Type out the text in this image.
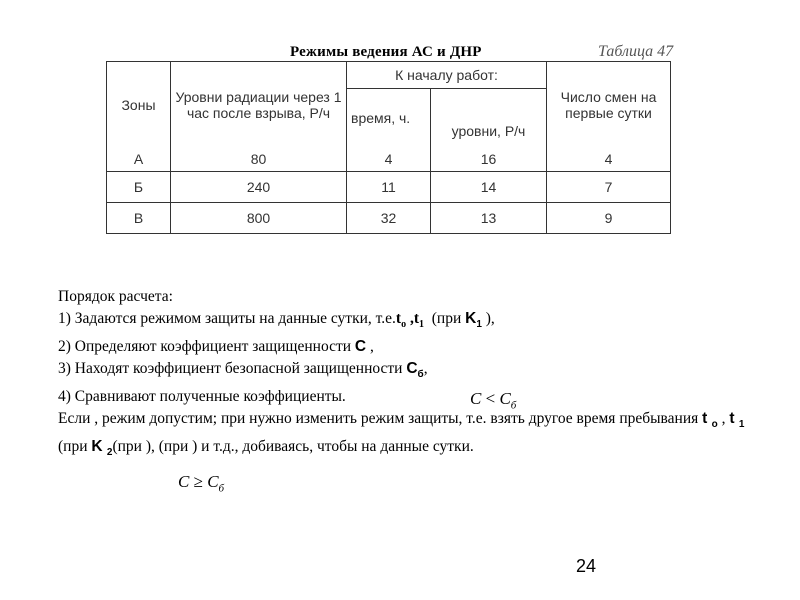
Режимы ведения АС и ДНР	Таблица 47
Зоны	Уровни радиации через 1 час после взрыва, Р/ч	К началу работ:		Число смен на первые сутки
		время, ч.	уровни, Р/ч	
А	80	4	16	4
Б	240	11	14	7
В	800	32	13	9

Порядок расчета:

1) Задаются режимом защиты на данные сутки, $т.е.t_o$ $,t_1$ (при $K_1$ ),

2) Определяют коэффициент защищенности C ,

3) Находят коэффициент безопасной защищенности $C_б$,

4) Сравнивают полученные коэффициенты.

Если , режим допустим; при нужно изменить режим защиты, т.е. взять другое время пребывания t $_o$ , t $_1$ (при K $_2$(при ), (при ) и т.д., добиваясь, чтобы на данные сутки.

$C < C_б$
$C \ge C_б$
24
